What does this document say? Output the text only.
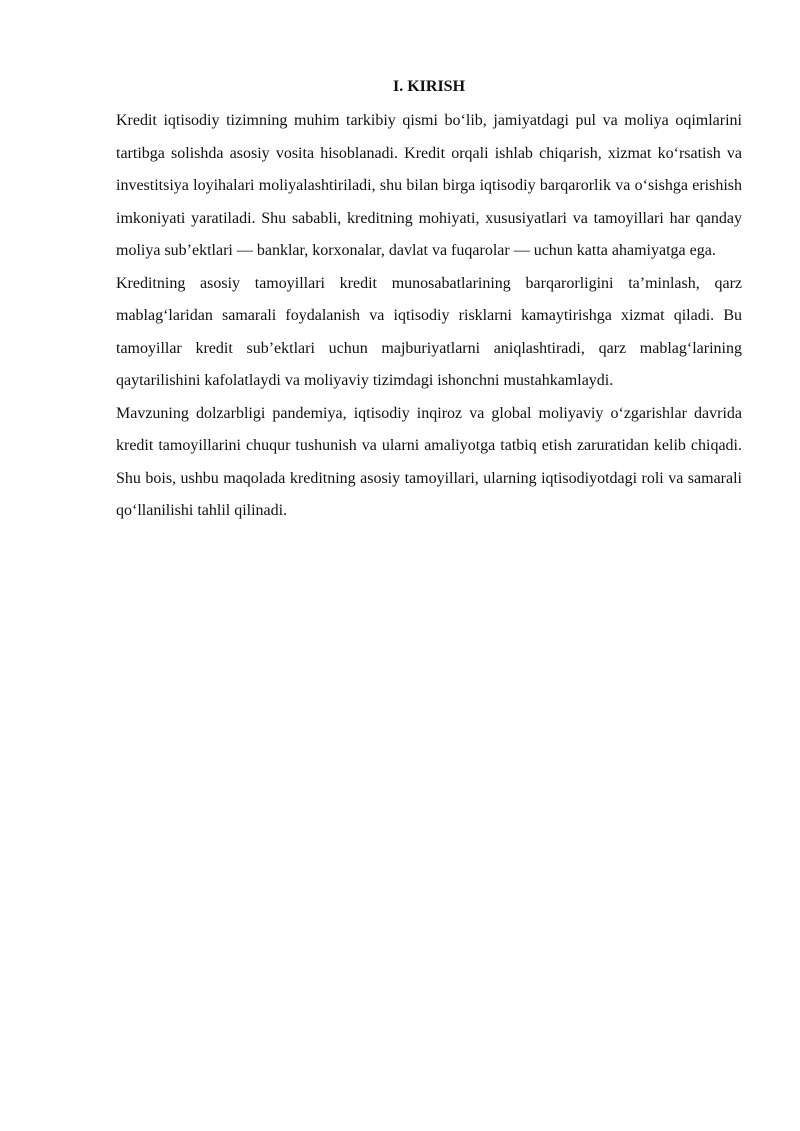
I. KIRISH

Kredit iqtisodiy tizimning muhim tarkibiy qismi bo‘lib, jamiyatdagi pul va moliya oqimlarini tartibga solishda asosiy vosita hisoblanadi. Kredit orqali ishlab chiqarish, xizmat ko‘rsatish va investitsiya loyihalari moliyalashtiriladi, shu bilan birga iqtisodiy barqarorlik va o‘sishga erishish imkoniyati yaratiladi. Shu sababli, kreditning mohiyati, xususiyatlari va tamoyillari har qanday moliya sub’ektlari — banklar, korxonalar, davlat va fuqarolar — uchun katta ahamiyatga ega.

Kreditning asosiy tamoyillari kredit munosabatlarining barqarorligini ta’minlash, qarz mablag‘laridan samarali foydalanish va iqtisodiy risklarni kamaytirishga xizmat qiladi. Bu tamoyillar kredit sub’ektlari uchun majburiyatlarni aniqlashtiradi, qarz mablag‘larining qaytarilishini kafolatlaydi va moliyaviy tizimdagi ishonchni mustahkamlaydi.

Mavzuning dolzarbligi pandemiya, iqtisodiy inqiroz va global moliyaviy o‘zgarishlar davrida kredit tamoyillarini chuqur tushunish va ularni amaliyotga tatbiq etish zaruratidan kelib chiqadi. Shu bois, ushbu maqolada kreditning asosiy tamoyillari, ularning iqtisodiyotdagi roli va samarali qo‘llanilishi tahlil qilinadi.
